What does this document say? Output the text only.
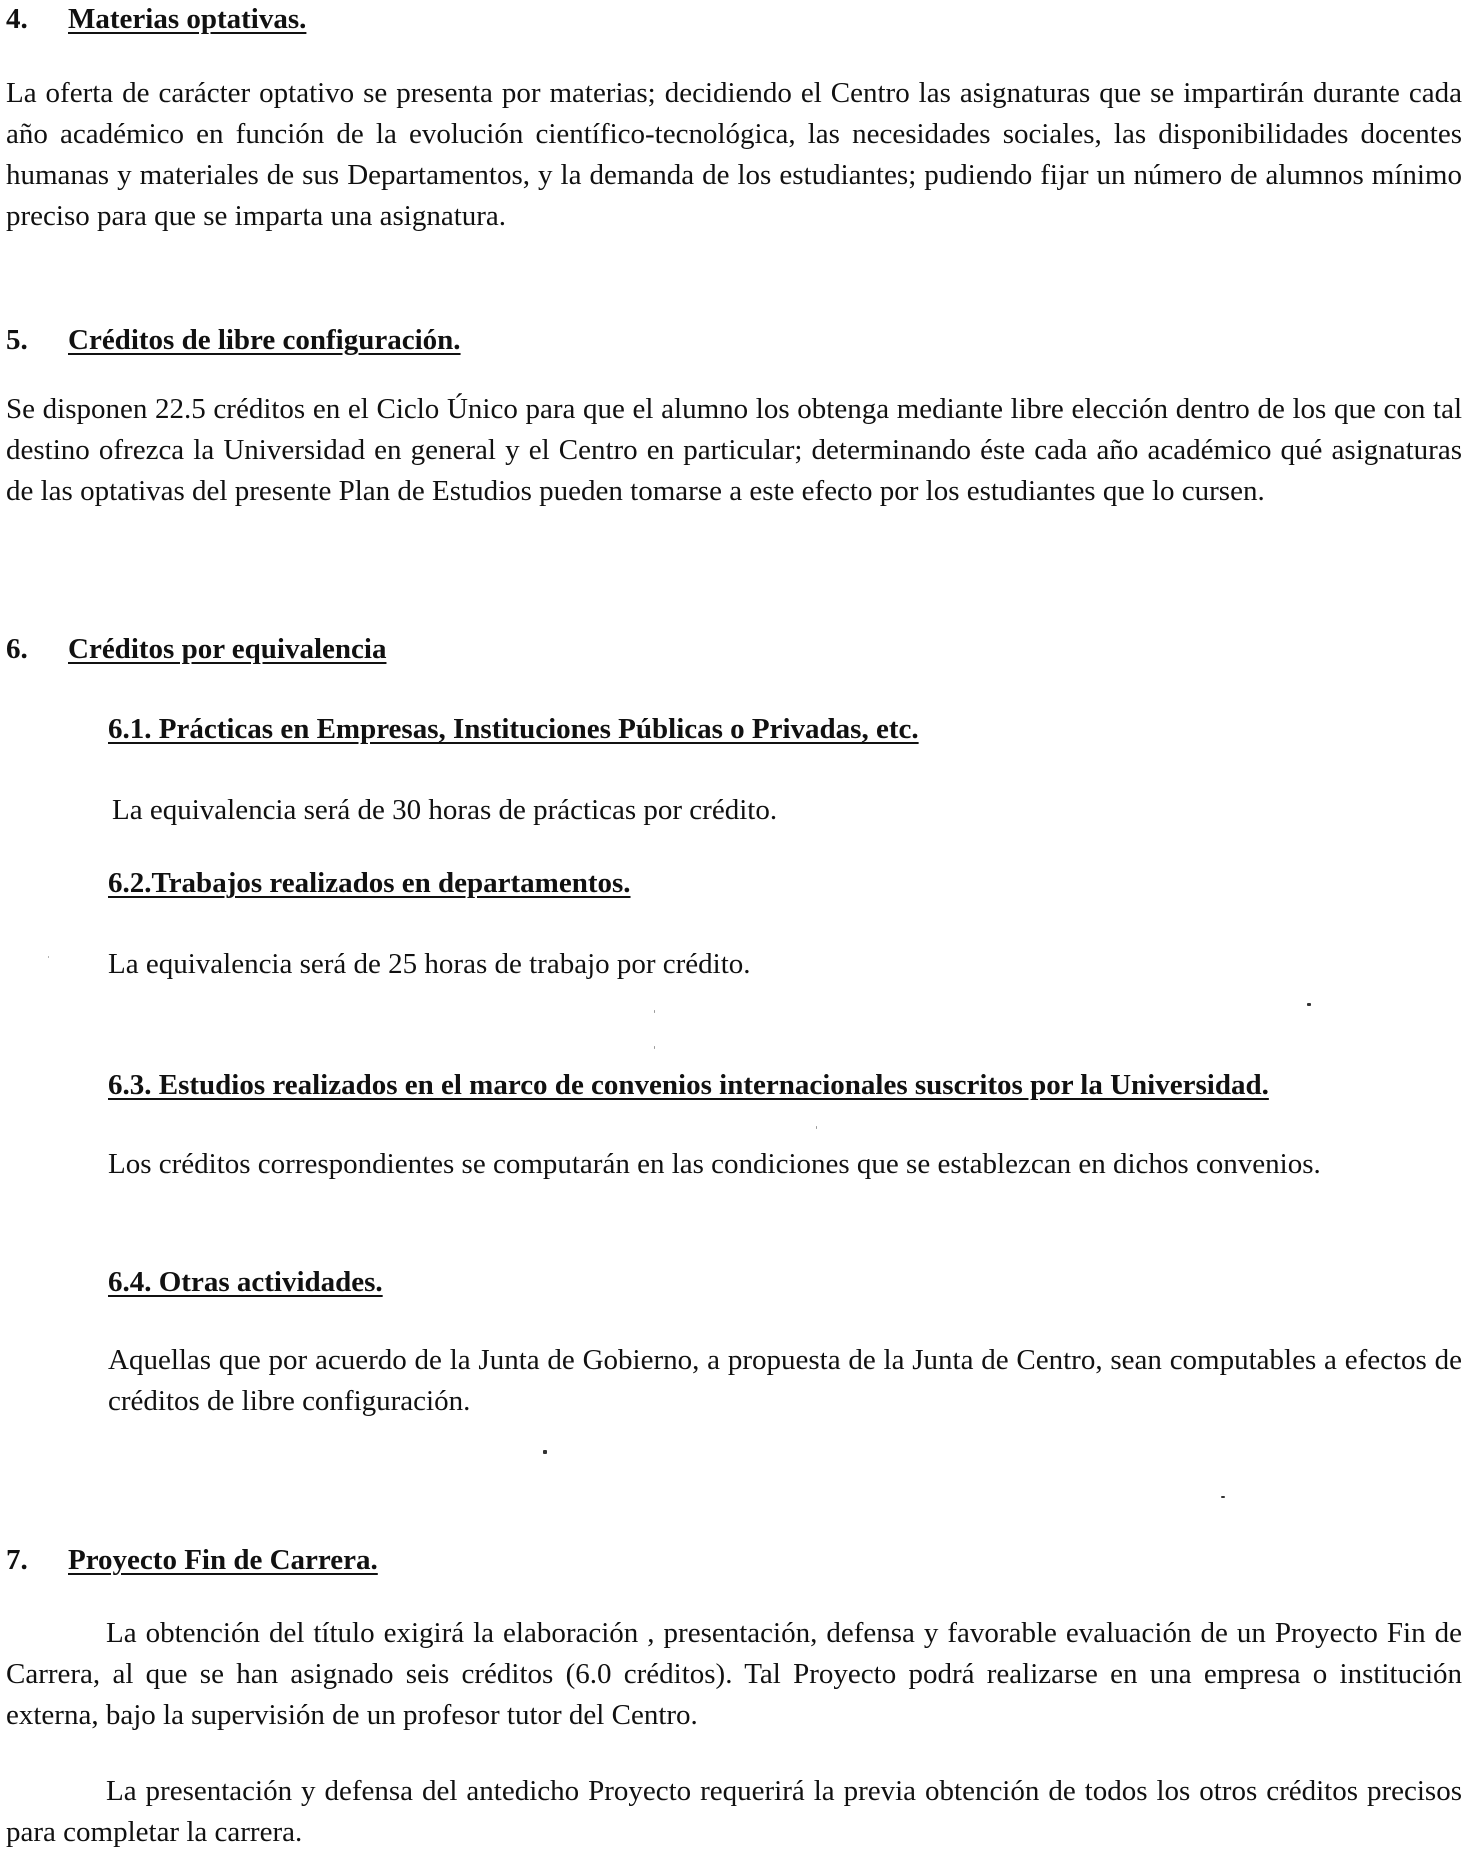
4. Materias optativas.

La oferta de carácter optativo se presenta por materias; decidiendo el Centro las asignaturas que se impartirán durante cada año académico en función de la evolución científico-tecnológica, las necesidades sociales, las disponibilidades docentes humanas y materiales de sus Departamentos, y la demanda de los estudiantes; pudiendo fijar un número de alumnos mínimo preciso para que se imparta una asignatura.

5. Créditos de libre configuración.

Se disponen 22.5 créditos en el Ciclo Único para que el alumno los obtenga mediante libre elección dentro de los que con tal destino ofrezca la Universidad en general y el Centro en particular; determinando éste cada año académico qué asignaturas de las optativas del presente Plan de Estudios pueden tomarse a este efecto por los estudiantes que lo cursen.

6. Créditos por equivalencia
6.1. Prácticas en Empresas, Instituciones Públicas o Privadas, etc.

La equivalencia será de 30 horas de prácticas por crédito.

6.2.Trabajos realizados en departamentos.

La equivalencia será de 25 horas de trabajo por crédito.

6.3. Estudios realizados en el marco de convenios internacionales suscritos por la Universidad.

Los créditos correspondientes se computarán en las condiciones que se establezcan en dichos convenios.

6.4. Otras actividades.

Aquellas que por acuerdo de la Junta de Gobierno, a propuesta de la Junta de Centro, sean computables a efectos de créditos de libre configuración.

7. Proyecto Fin de Carrera.

La obtención del título exigirá la elaboración , presentación, defensa y favorable evaluación de un Proyecto Fin de Carrera, al que se han asignado seis créditos (6.0 créditos). Tal Proyecto podrá realizarse en una empresa o institución externa, bajo la supervisión de un profesor tutor del Centro.

La presentación y defensa del antedicho Proyecto requerirá la previa obtención de todos los otros créditos precisos para completar la carrera.
